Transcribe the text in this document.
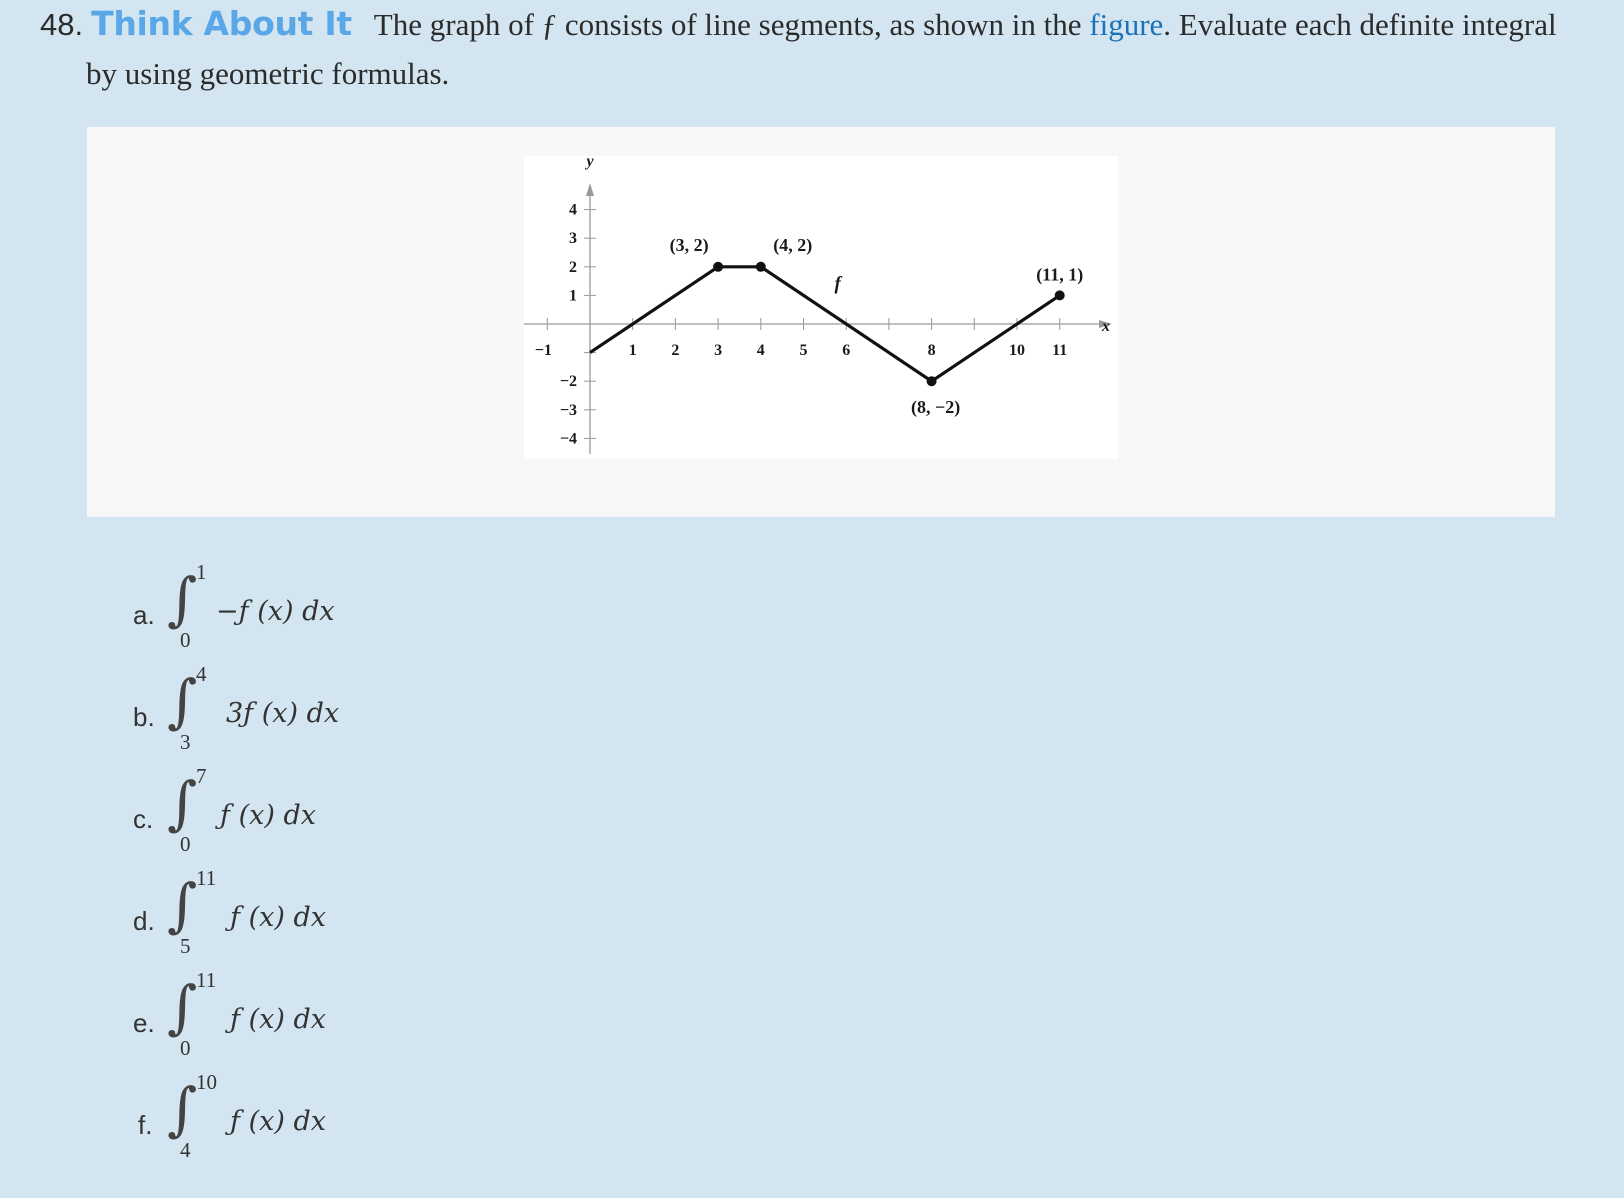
48. Think About It The graph of ƒ consists of line segments, as shown in the figure. Evaluate each definite integral
by using geometric formulas.
x
y
−1	1 2 3 4 5 6	8	10 11
4
3
2
1
−2
−3
−4
f
(3, 2)	(4, 2)
(11, 1)
(8, −2)
a. ∫
1
0
−ƒ (x) dx
b. ∫
4
3
3ƒ (x) dx
c. ∫
7
0
ƒ (x) dx
d. ∫
11
5
ƒ (x) dx
e. ∫
11
0
ƒ (x) dx
f. ∫
10
4
ƒ (x) dx
